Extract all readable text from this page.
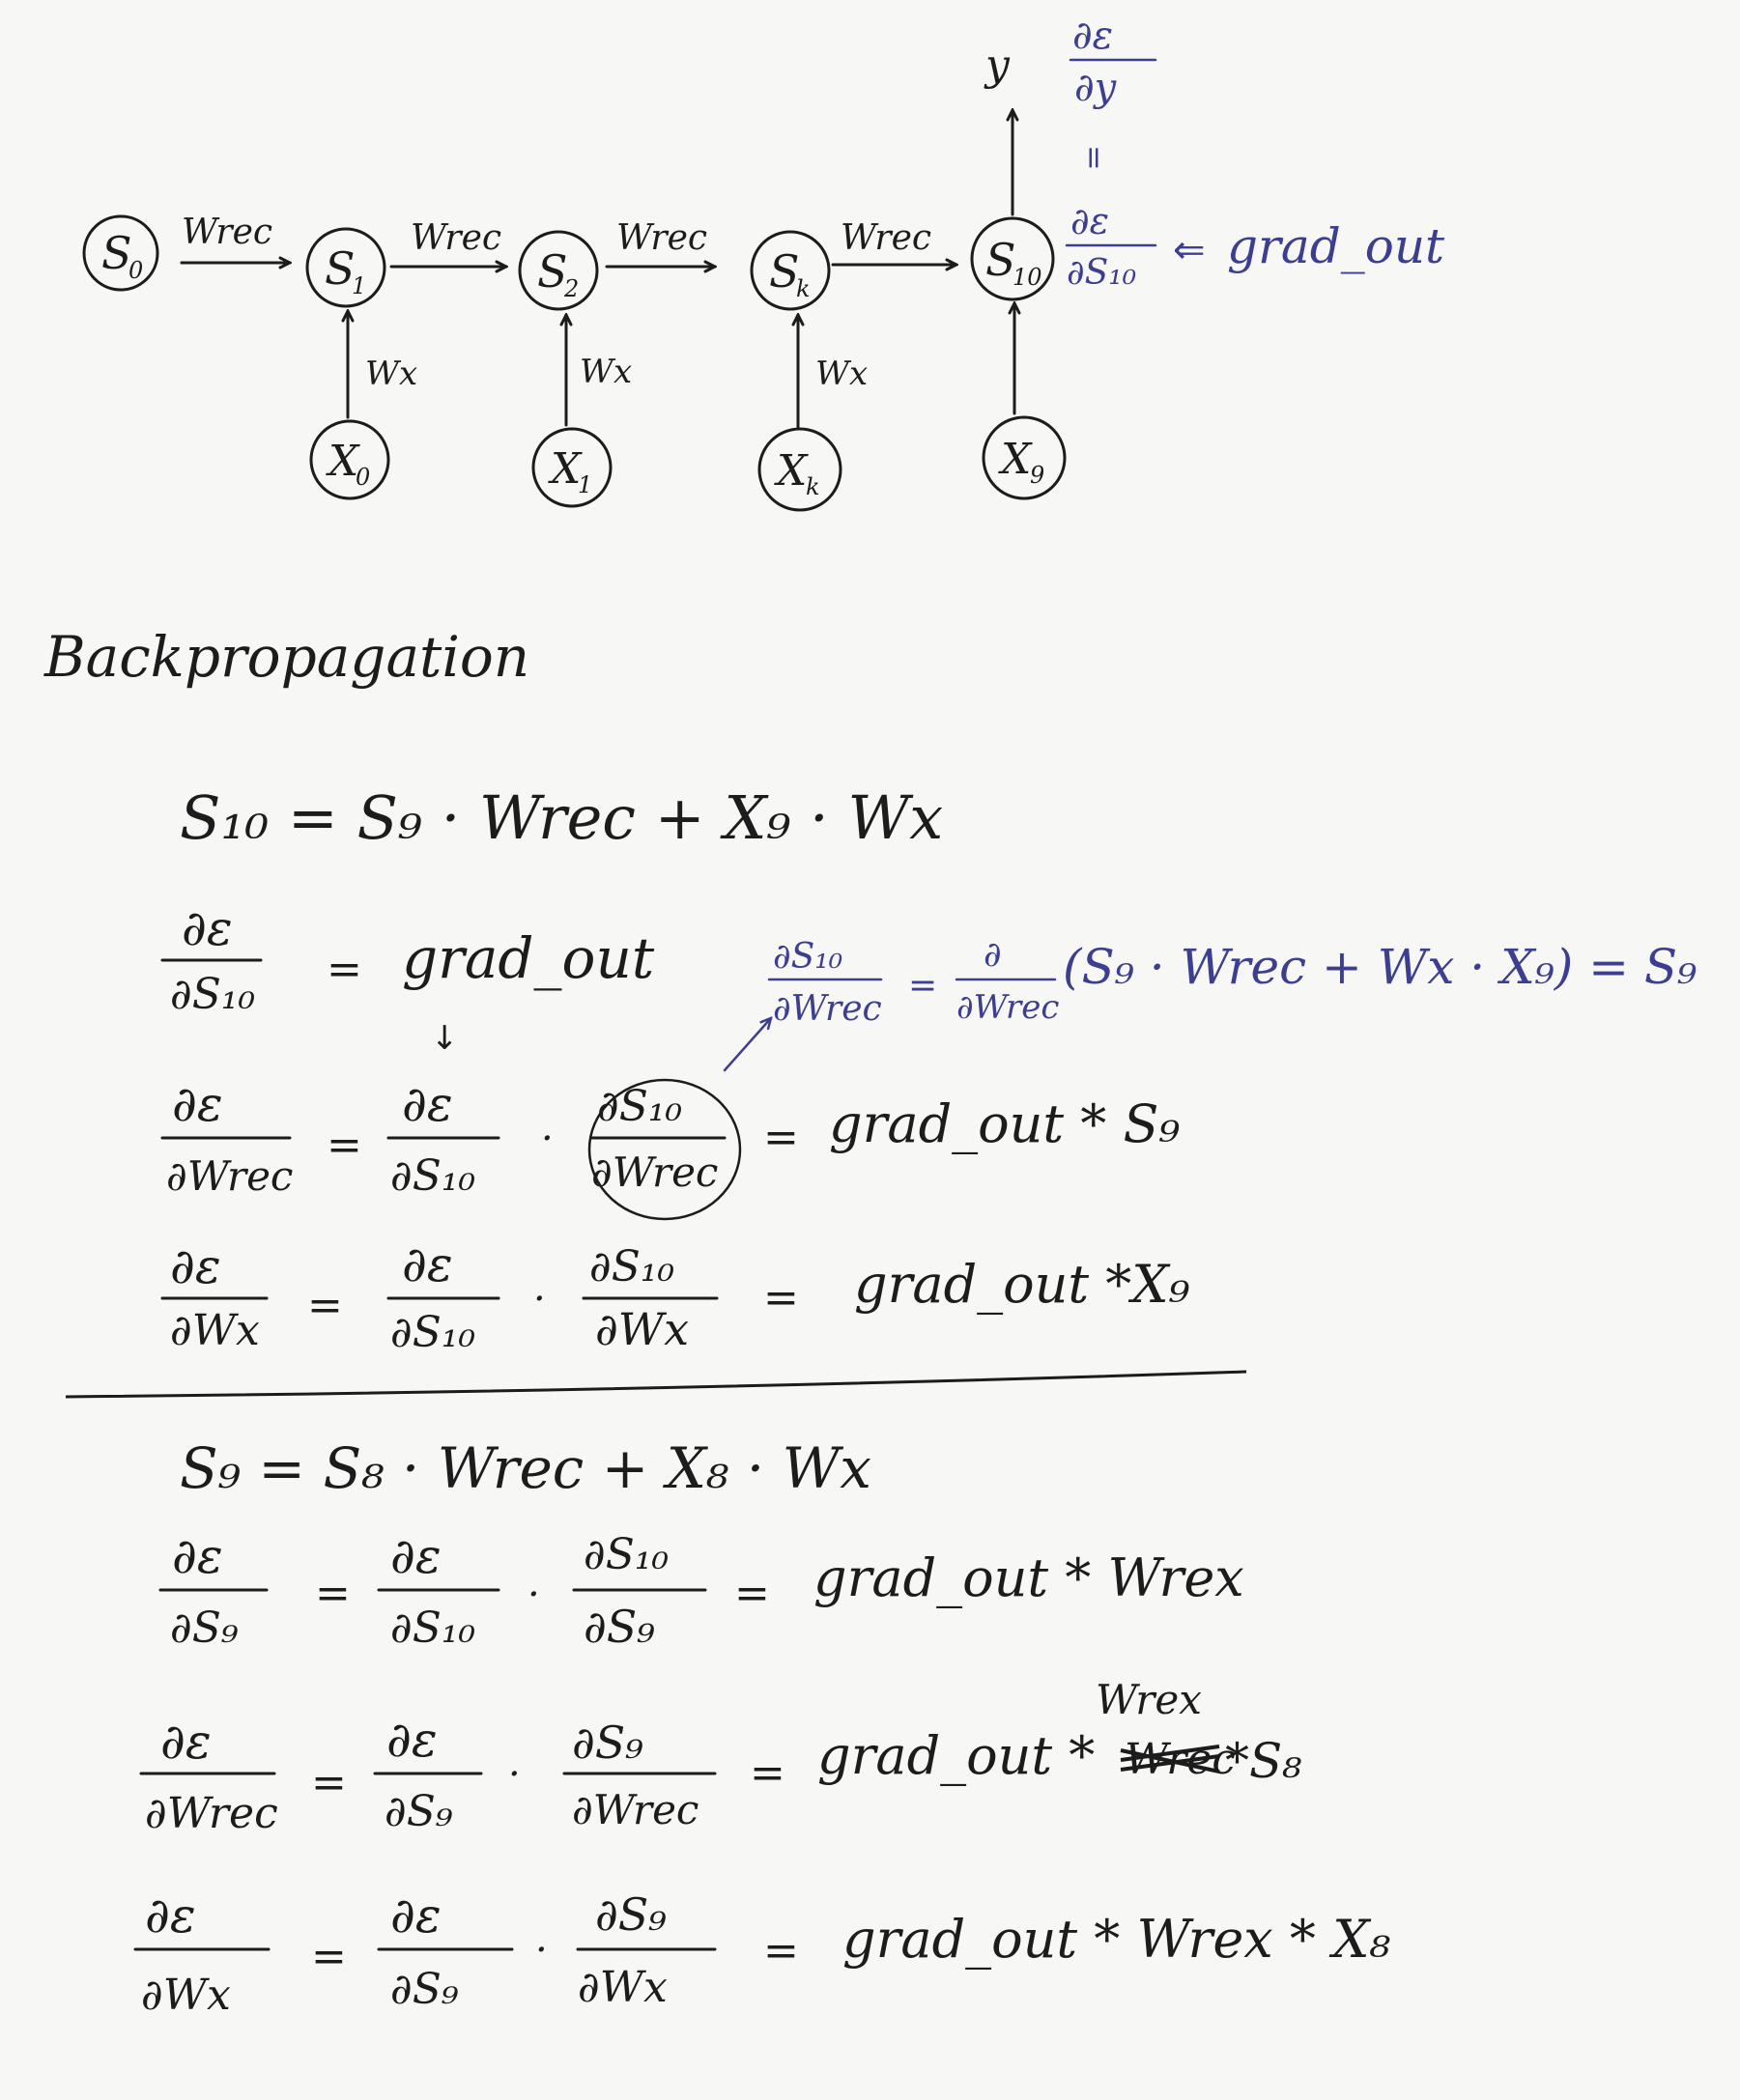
S
0	S
1	S
2	S
k
S
10
Wrec	Wrec	Wrec	Wrec
X
0	X
1	X
k
X
9
Wx	Wx	Wx
y
∂ε
∂y
=
∂ε
∂S₁₀
⇐ grad_out
Backpropagation
S₁₀ = S₉ · Wrec + X₉ · Wx
∂ε
∂S₁₀
= grad_out
↓
∂S₁₀
∂Wrec
=
∂
∂Wrec
(S₉ · Wrec + Wx · X₉) = S₉
∂ε
∂Wrec
=
∂ε
∂S₁₀
·
∂S₁₀
∂Wrec
= grad_out * S₉
∂ε
∂Wx
=
∂ε
∂S₁₀
·
∂S₁₀
∂Wx
= grad_out *X₉
S₉ = S₈ · Wrec + X₈ · Wx
∂ε
∂S₉
=
∂ε
∂S₁₀
·
∂S₁₀
∂S₉
= grad_out * Wrex
∂ε
∂Wrec
=
∂ε
∂S₉
·
∂S₉
∂Wrec
= grad_out * Wrec
Wrex
*S₈
∂ε
∂Wx
=
∂ε
∂S₉
·
∂S₉
∂Wx
= grad_out * Wrex * X₈
